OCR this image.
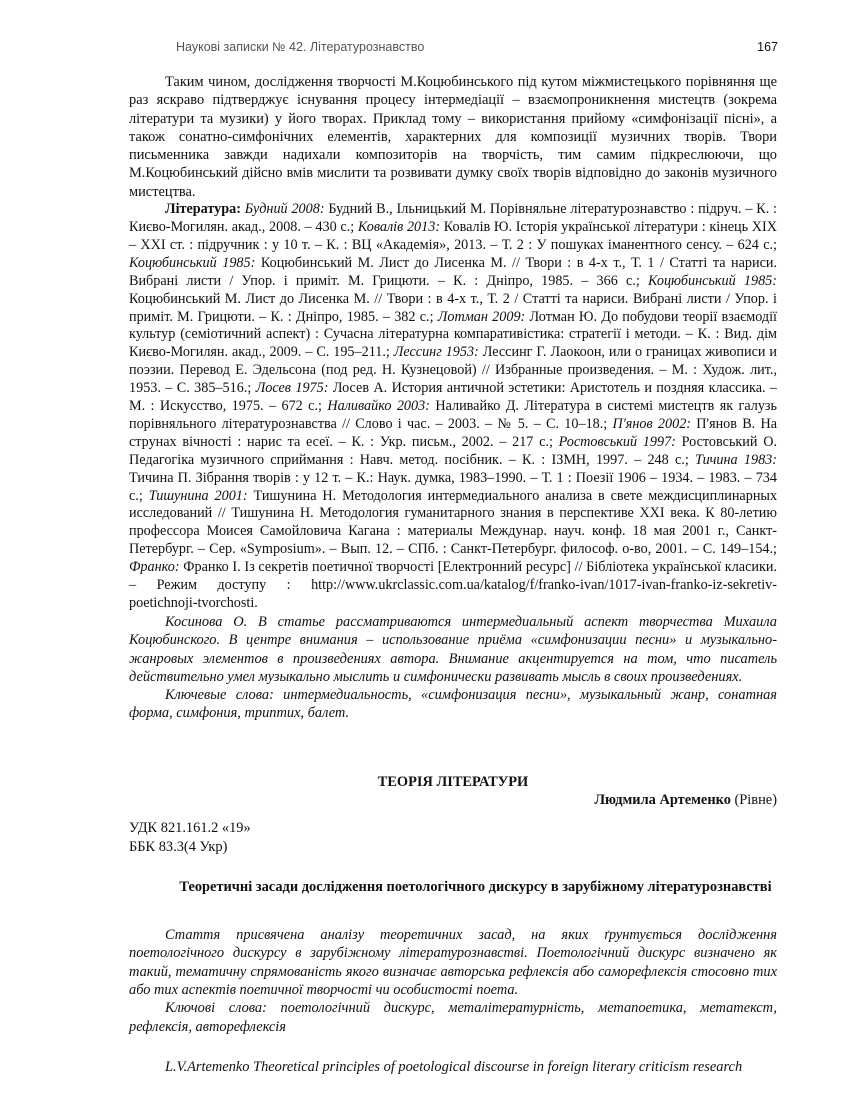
Наукові записки № 42. Літературознавство	167

Таким чином, дослідження творчості М.Коцюбинського під кутом міжмистецького порівняння ще раз яскраво підтверджує існування процесу інтермедіації – взаємопроникнення мистецтв (зокрема літератури та музики) у його творах. Приклад тому – використання прийому «симфонізації пісні», а також сонатно-симфонічних елементів, характерних для композиції музичних творів. Твори письменника завжди надихали композиторів на творчість, тим самим підкреслюючи, що М.Коцюбинський дійсно вмів мислити та розвивати думку своїх творів відповідно до законів музичного мистецтва.

Література: Будний 2008: Будний В., Ільницький М. Порівняльне літературознавство : підруч. – К. : Києво-Могилян. акад., 2008. – 430 с.; Ковалів 2013: Ковалів Ю. Історія української літератури : кінець ХІХ – ХХІ ст. : підручник : у 10 т. – К. : ВЦ «Академія», 2013. – Т. 2 : У пошуках іманентного сенсу. – 624 с.; Коцюбинський 1985: Коцюбинський М. Лист до Лисенка М. // Твори : в 4-х т., Т. 1 / Статті та нариси. Вибрані листи / Упор. і приміт. М. Грицюти. – К. : Дніпро, 1985. – 366 с.; Коцюбинський 1985: Коцюбинський М. Лист до Лисенка М. // Твори : в 4-х т., Т. 2 / Статті та нариси. Вибрані листи / Упор. і приміт. М. Грицюти. – К. : Дніпро, 1985. – 382 с.; Лотман 2009: Лотман Ю. До побудови теорії взаємодії культур (семіотичний аспект) : Сучасна літературна компаративістика: стратегії і методи. – К. : Вид. дім Києво-Могилян. акад., 2009. – С. 195–211.; Лессинг 1953: Лессинг Г. Лаокоон, или о границах живописи и поэзии. Перевод Е. Эдельсона (под ред. Н. Кузнецовой) // Избранные произведения. – М. : Худож. лит., 1953. – С. 385–516.; Лосев 1975: Лосев А. История античной эстетики: Аристотель и поздняя классика. – М. : Искусство, 1975. – 672 с.; Наливайко 2003: Наливайко Д. Література в системі мистецтв як галузь порівняльного літературознавства // Слово і час. – 2003. – № 5. – С. 10–18.; П'янов 2002: П'янов В. На струнах вічності : нарис та есеї. – К. : Укр. письм., 2002. – 217 с.; Ростовський 1997: Ростовський О. Педагогіка музичного сприймання : Навч. метод. посібник. – К. : ІЗМН, 1997. – 248 с.; Тичина 1983: Тичина П. Зібрання творів : у 12 т. – К.: Наук. думка, 1983–1990. – Т. 1 : Поезії 1906 – 1934. – 1983. – 734 с.; Тишунина 2001: Тишунина Н. Методология интермедиального анализа в свете междисциплинарных исследований // Тишунина Н. Методология гуманитарного знания в перспективе XXI века. К 80-летию профессора Моисея Самойловича Кагана : материалы Междунар. науч. конф. 18 мая 2001 г., Санкт-Петербург. – Сер. «Symposium». – Вып. 12. – СПб. : Санкт-Петербург. философ. о-во, 2001. – С. 149–154.; Франко: Франко І. Із секретів поетичної творчості [Електронний ресурс] // Бібліотека української класики. – Режим доступу : http://www.ukrclassic.com.ua/katalog/f/franko-ivan/1017-ivan-franko-iz-sekretiv-poetichnoji-tvorchosti.

Косинова О. В статье рассматриваются интермедиальный аспект творчества Михаила Коцюбинского. В центре внимания – использование приёма «симфонизации песни» и музыкально-жанровых элементов в произведениях автора. Внимание акцентируется на том, что писатель действительно умел музыкально мыслить и симфонически развивать мысль в своих произведениях.

Ключевые слова: интермедиальность, «симфонизация песни», музыкальный жанр, сонатная форма, симфония, триптих, балет.

ТЕОРІЯ ЛІТЕРАТУРИ

Людмила Артеменко (Рівне)

УДК 821.161.2 «19»

ББК 83.3(4 Укр)

Теоретичні засади дослідження поетологічного дискурсу в зарубіжному літературознавстві

Стаття присвячена аналізу теоретичних засад, на яких ґрунтується дослідження поетологічного дискурсу в зарубіжному літературознавстві. Поетологічний дискурс визначено як такий, тематичну спрямованість якого визначає авторська рефлексія або саморефлексія стосовно тих або тих аспектів поетичної творчості чи особистості поета.

Ключові слова: поетологічний дискурс, металітературність, метапоетика, метатекст, рефлексія, авторефлексія

L.V.Artemenko Theoretical principles of poetological discourse in foreign literary criticism research
